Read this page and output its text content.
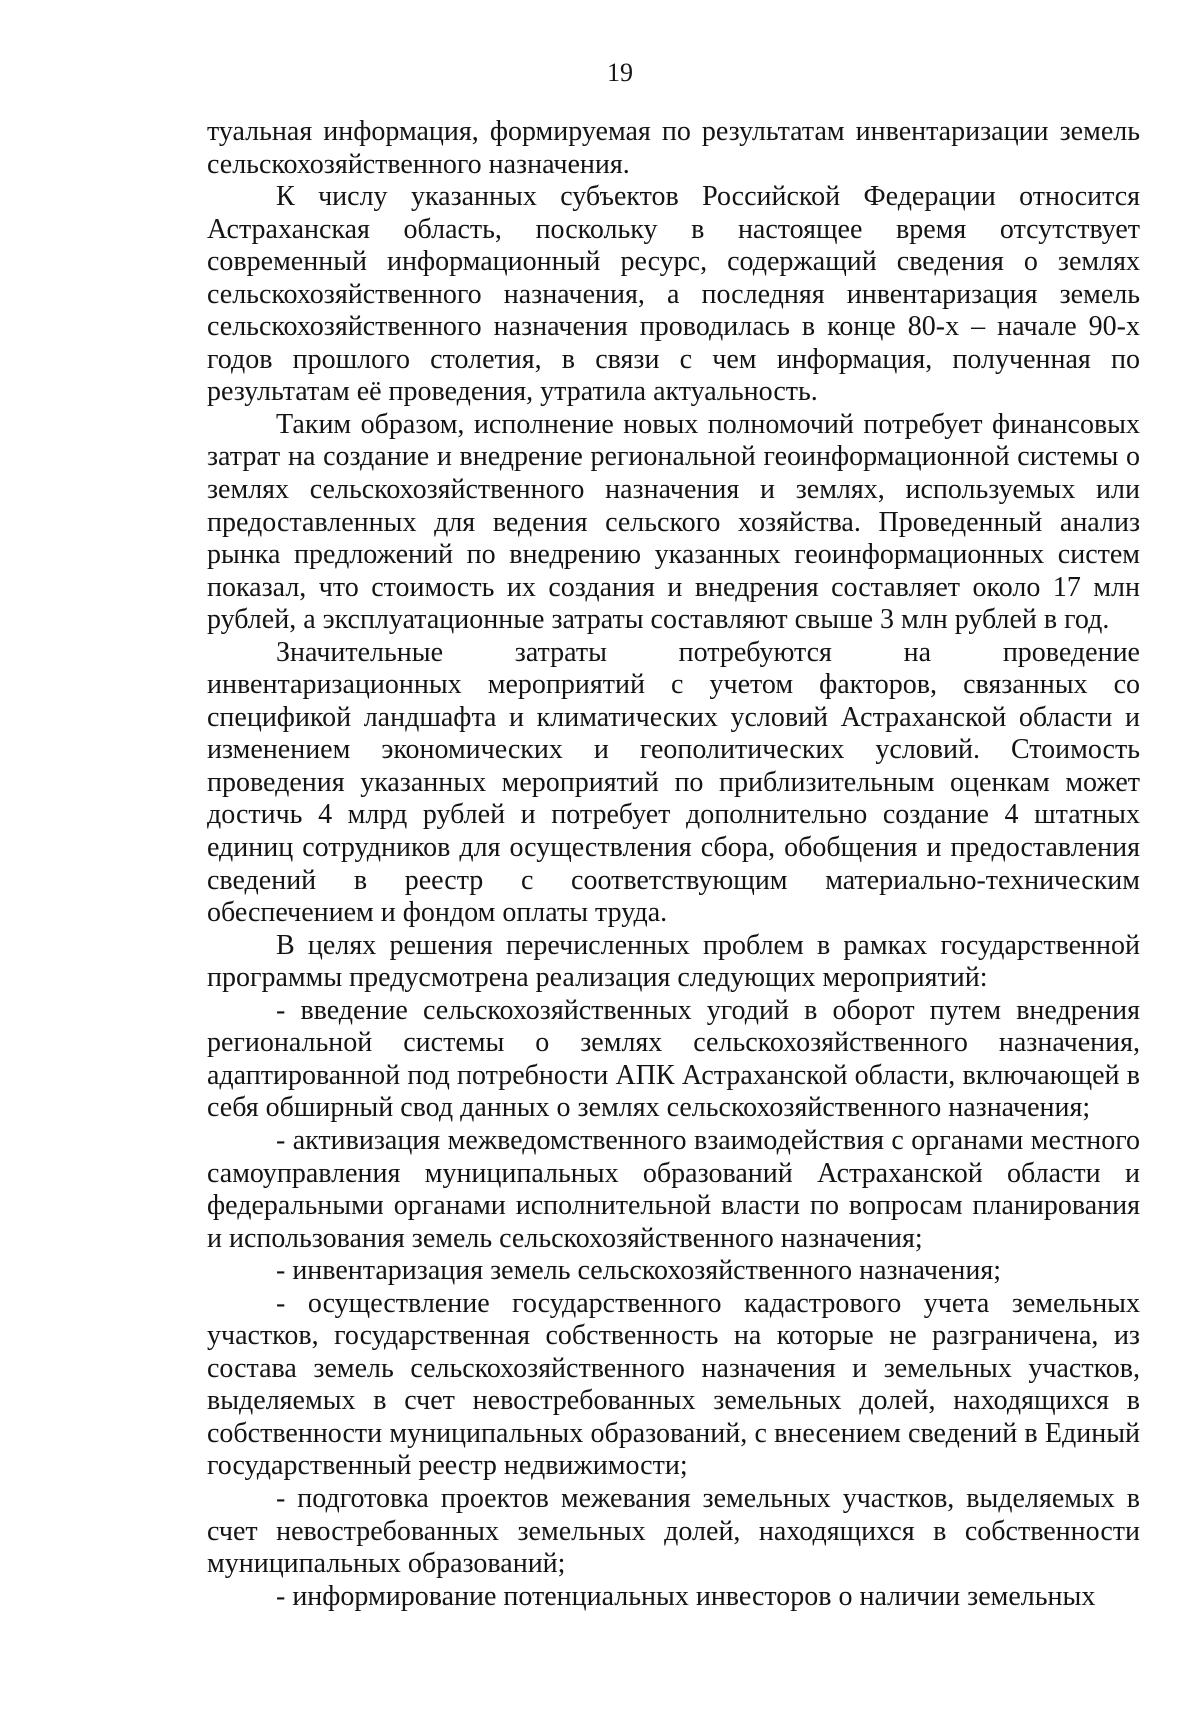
19

туальная информация, формируемая по результатам инвентаризации земель сельскохозяйственного назначения.

К числу указанных субъектов Российской Федерации относится Астраханская область, поскольку в настоящее время отсутствует современный информационный ресурс, содержащий сведения о землях сельскохозяйственного назначения, а последняя инвентаризация земель сельскохозяйственного назначения проводилась в конце 80-х – начале 90-х годов прошлого столетия, в связи с чем информация, полученная по результатам её проведения, утратила актуальность.

Таким образом, исполнение новых полномочий потребует финансовых затрат на создание и внедрение региональной геоинформационной системы о землях сельскохозяйственного назначения и землях, используемых или предоставленных для ведения сельского хозяйства. Проведенный анализ рынка предложений по внедрению указанных геоинформационных систем показал, что стоимость их создания и внедрения составляет около 17 млн рублей, а эксплуатационные затраты составляют свыше 3 млн рублей в год.

Значительные затраты потребуются на проведение инвентаризационных мероприятий с учетом факторов, связанных со спецификой ландшафта и климатических условий Астраханской области и изменением экономических и геополитических условий. Стоимость проведения указанных мероприятий по приблизительным оценкам может достичь 4 млрд рублей и потребует дополнительно создание 4 штатных единиц сотрудников для осуществления сбора, обобщения и предоставления сведений в реестр с соответствующим материально-техническим обеспечением и фондом оплаты труда.

В целях решения перечисленных проблем в рамках государственной программы предусмотрена реализация следующих мероприятий:

- введение сельскохозяйственных угодий в оборот путем внедрения региональной системы о землях сельскохозяйственного назначения, адаптированной под потребности АПК Астраханской области, включающей в себя обширный свод данных о землях сельскохозяйственного назначения;

- активизация межведомственного взаимодействия с органами местного самоуправления муниципальных образований Астраханской области и федеральными органами исполнительной власти по вопросам планирования и использования земель сельскохозяйственного назначения;

- инвентаризация земель сельскохозяйственного назначения;

- осуществление государственного кадастрового учета земельных участков, государственная собственность на которые не разграничена, из состава земель сельскохозяйственного назначения и земельных участков, выделяемых в счет невостребованных земельных долей, находящихся в собственности муниципальных образований, с внесением сведений в Единый государственный реестр недвижимости;

- подготовка проектов межевания земельных участков, выделяемых в счет невостребованных земельных долей, находящихся в собственности муниципальных образований;

- информирование потенциальных инвесторов о наличии земельных
